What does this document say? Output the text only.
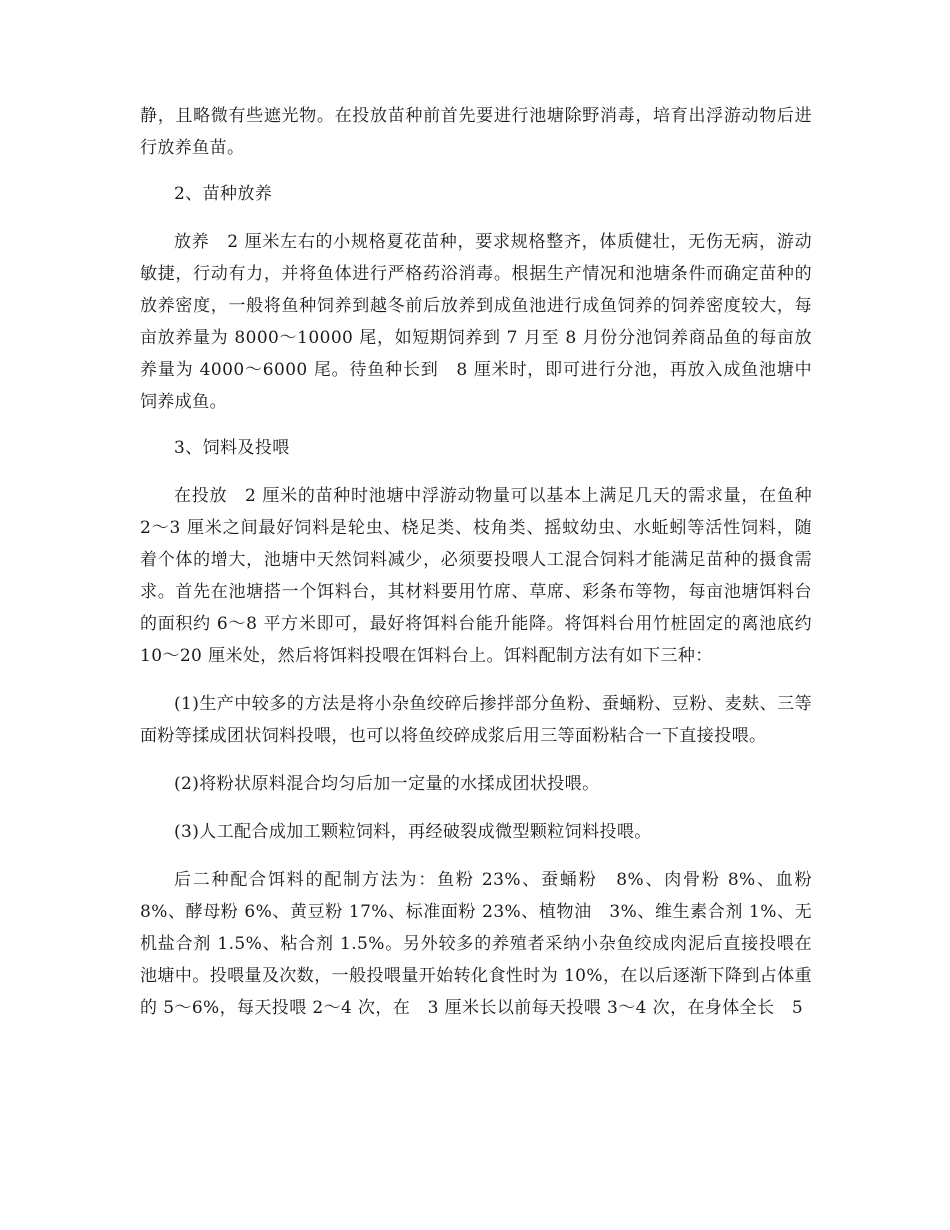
静，且略微有些遮光物。在投放苗种前首先要进行池塘除野消毒，培育出浮游动物后进行放养鱼苗。

2、苗种放养

放养　2 厘米左右的小规格夏花苗种，要求规格整齐，体质健壮，无伤无病，游动敏捷，行动有力，并将鱼体进行严格药浴消毒。根据生产情况和池塘条件而确定苗种的放养密度，一般将鱼种饲养到越冬前后放养到成鱼池进行成鱼饲养的饲养密度较大，每亩放养量为 8000～10000 尾，如短期饲养到 7 月至 8 月份分池饲养商品鱼的每亩放养量为 4000～6000 尾。待鱼种长到　8 厘米时，即可进行分池，再放入成鱼池塘中饲养成鱼。

3、饲料及投喂

在投放　2 厘米的苗种时池塘中浮游动物量可以基本上满足几天的需求量，在鱼种 2～3 厘米之间最好饲料是轮虫、桡足类、枝角类、摇蚊幼虫、水蚯蚓等活性饲料，随着个体的增大，池塘中天然饲料减少，必须要投喂人工混合饲料才能满足苗种的摄食需求。首先在池塘搭一个饵料台，其材料要用竹席、草席、彩条布等物，每亩池塘饵料台的面积约 6～8 平方米即可，最好将饵料台能升能降。将饵料台用竹桩固定的离池底约　10～20 厘米处，然后将饵料投喂在饵料台上。饵料配制方法有如下三种：

(1)生产中较多的方法是将小杂鱼绞碎后掺拌部分鱼粉、蚕蛹粉、豆粉、麦麸、三等面粉等揉成团状饲料投喂，也可以将鱼绞碎成浆后用三等面粉粘合一下直接投喂。

(2)将粉状原料混合均匀后加一定量的水揉成团状投喂。

(3)人工配合成加工颗粒饲料，再经破裂成微型颗粒饲料投喂。

后二种配合饵料的配制方法为：鱼粉 23%、蚕蛹粉　8%、肉骨粉 8%、血粉 8%、酵母粉 6%、黄豆粉 17%、标准面粉 23%、植物油　3%、维生素合剂 1%、无机盐合剂 1.5%、粘合剂 1.5%。另外较多的养殖者采纳小杂鱼绞成肉泥后直接投喂在池塘中。投喂量及次数，一般投喂量开始转化食性时为 10%，在以后逐渐下降到占体重的 5～6%，每天投喂 2～4 次，在　3 厘米长以前每天投喂 3～4 次，在身体全长　5
